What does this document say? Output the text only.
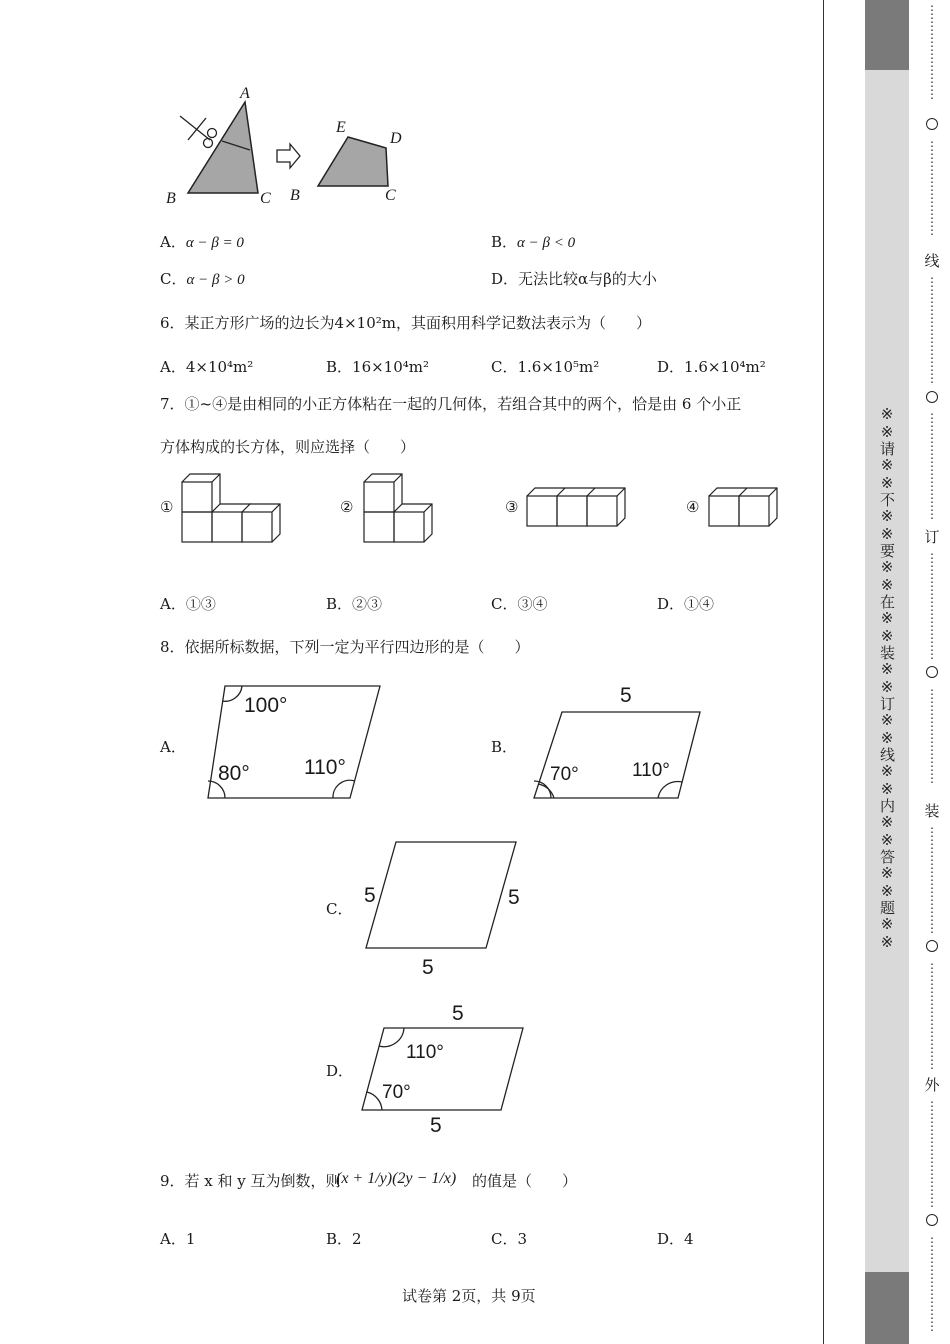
A
B	C
E
D
B	C
A．α − β = 0	B．α − β < 0
C．α − β > 0	D．无法比较α与β的大小
6．某正方形广场的边长为4×10²m，其面积用科学记数法表示为（　　）
A．4×10⁴m²	B．16×10⁴m²	C．1.6×10⁵m²	D．1.6×10⁴m²
7．①~④是由相同的小正方体粘在一起的几何体，若组合其中的两个，恰是由 6 个小正
方体构成的长方体，则应选择（　　）
①	②	③	④
A．①③	B．②③	C．③④	D．①④
8．依据所标数据，下列一定为平行四边形的是（　　）
A．
100°
80°	110°
B．
5
70°	110°
C．
5	5
5
D．
5
110°
70°
5
9．若 x 和 y 互为倒数，则
(x + 1/y)(2y − 1/x) 的值是（　　）
A．1	B．2	C．3	D．4
试卷第 2页，共 9页
※※请※※不※※要※※在※※装※※订※※线※※内※※答※※题※※
⋮
⋮
⋮
⋮
⋮
⋮
⋮
⋮
⋮
⋮
⋮
⋮
⋮
⋮
⋮
⋮
线
⋮
⋮
⋮
⋮
⋮
⋮
⋮
⋮
⋮
⋮
⋮
⋮
⋮
⋮
⋮
⋮
⋮
⋮
订
⋮
⋮
⋮
⋮
⋮
⋮
⋮
⋮
⋮
⋮
⋮
⋮
⋮
⋮
⋮
⋮
⋮
装
⋮
⋮
⋮
⋮
⋮
⋮
⋮
⋮
⋮
⋮
⋮
⋮
⋮
⋮
⋮
⋮
⋮
⋮
外
⋮
⋮
⋮
⋮
⋮
⋮
⋮
⋮
⋮
⋮
⋮
⋮
⋮
⋮
⋮
⋮
⋮
